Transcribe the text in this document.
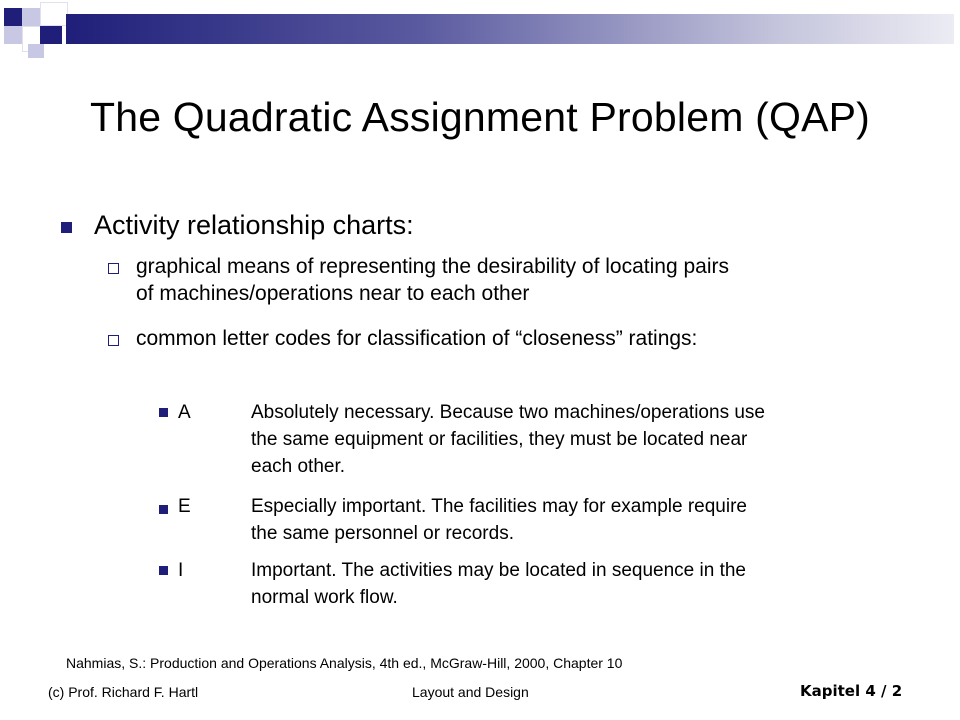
The Quadratic Assignment Problem (QAP)
Activity relationship charts:
graphical means of representing the desirability of locating pairs
of machines/operations near to each other
common letter codes for classification of “closeness” ratings:
A	Absolutely necessary. Because two machines/operations use
the same equipment or facilities, they must be located near
each other.
E	Especially important. The facilities may for example require
the same personnel or records.
I	Important. The activities may be located in sequence in the
normal work flow.
Nahmias, S.: Production and Operations Analysis, 4th ed., McGraw-Hill, 2000, Chapter 10
(c) Prof. Richard F. Hartl	Layout and Design	Kapitel 4 / 2
